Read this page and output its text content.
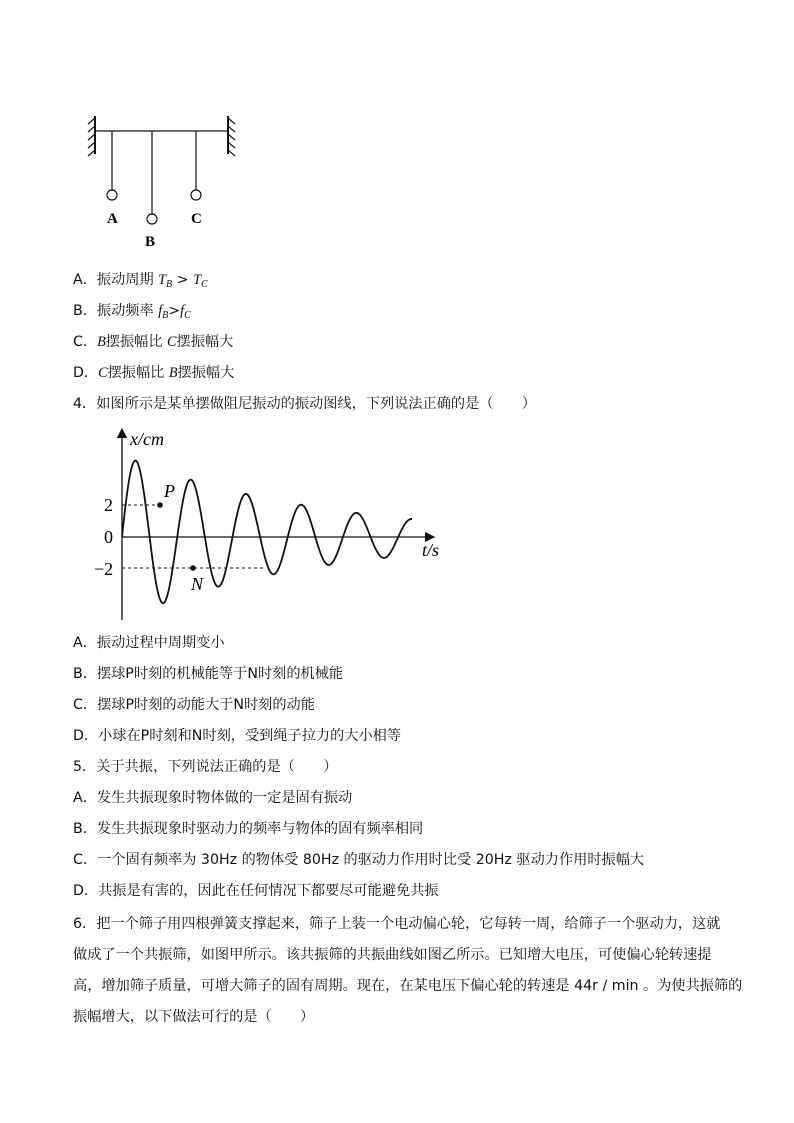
A
B
C
A．振动周期 $T_B > T_C$
B．振动频率 $f_B>f_C$
C．B摆振幅比 C摆振幅大
D．C摆振幅比 B摆振幅大
4．如图所示是某单摆做阻尼振动的振动图线，下列说法正确的是（　　）
x/cm
t/s
2
0
−2
P
N
A．振动过程中周期变小
B．摆球P时刻的机械能等于N时刻的机械能
C．摆球P时刻的动能大于N时刻的动能
D．小球在P时刻和N时刻，受到绳子拉力的大小相等
5．关于共振，下列说法正确的是（　　）
A．发生共振现象时物体做的一定是固有振动
B．发生共振现象时驱动力的频率与物体的固有频率相同
C．一个固有频率为 30Hz 的物体受 80Hz 的驱动力作用时比受 20Hz 驱动力作用时振幅大
D．共振是有害的，因此在任何情况下都要尽可能避免共振
6．把一个筛子用四根弹簧支撑起来，筛子上装一个电动偏心轮，它每转一周，给筛子一个驱动力，这就
做成了一个共振筛，如图甲所示。该共振筛的共振曲线如图乙所示。已知增大电压，可使偏心轮转速提
高，增加筛子质量，可增大筛子的固有周期。现在，在某电压下偏心轮的转速是 44r / min 。为使共振筛的
振幅增大，以下做法可行的是（　　）
